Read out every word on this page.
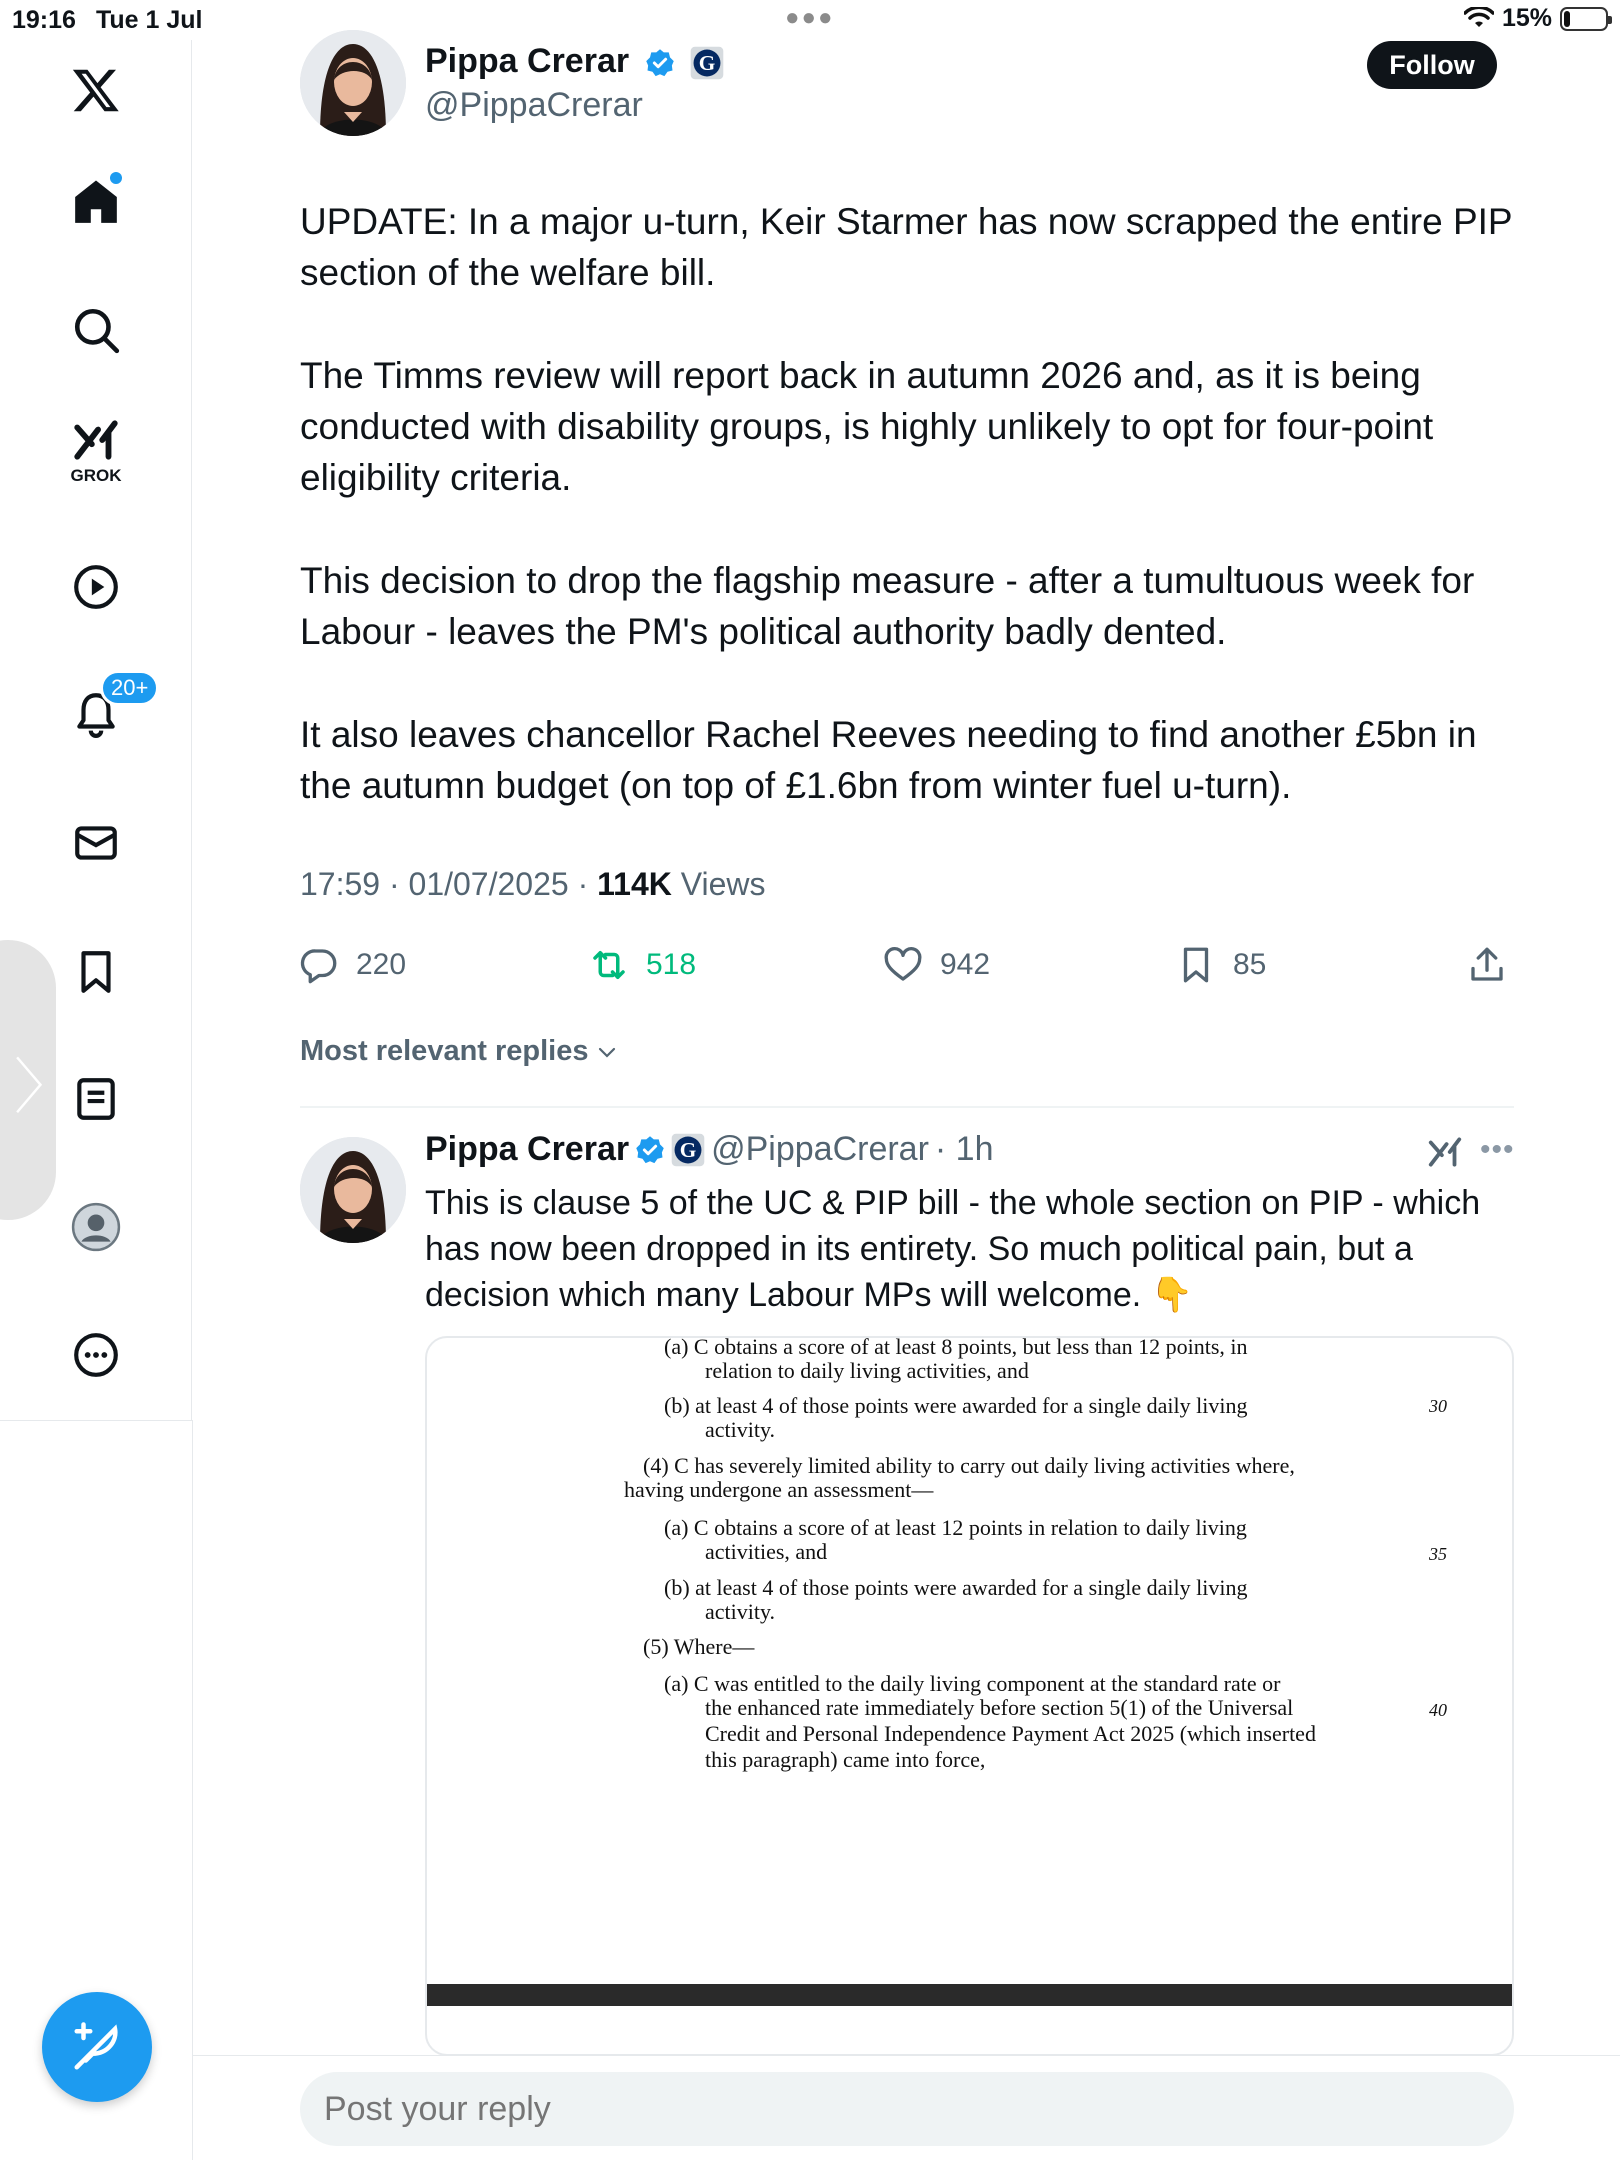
19:16 Tue 1 Jul	●●●	15%
GROK
20+
〉
Pippa Crerar	G
@PippaCrerar
Follow

UPDATE: In a major u-turn, Keir Starmer has now scrapped the entire PIP section of the welfare bill.

The Timms review will report back in autumn 2026 and, as it is being conducted with disability groups, is highly unlikely to opt for four-point eligibility criteria.

This decision to drop the flagship measure - after a tumultuous week for Labour - leaves the PM's political authority badly dented.

It also leaves chancellor Rachel Reeves needing to find another £5bn in the autumn budget (on top of £1.6bn from winter fuel u-turn).

17:59 · 01/07/2025 · 114K Views
220	518	942	85
Most relevant replies
Pippa Crerar	G @PippaCrerar · 1h	•••
This is clause 5 of the UC & PIP bill - the whole section on PIP - which has now been dropped in its entirety. So much political pain, but a decision which many Labour MPs will welcome. 👇
(a) C obtains a score of at least 8 points, but less than 12 points, in
relation to daily living activities, and
(b) at least 4 of those points were awarded for a single daily living
activity.
(4) C has severely limited ability to carry out daily living activities where,
having undergone an assessment—
(a) C obtains a score of at least 12 points in relation to daily living
activities, and
(b) at least 4 of those points were awarded for a single daily living
activity.
(5) Where—
(a) C was entitled to the daily living component at the standard rate or
the enhanced rate immediately before section 5(1) of the Universal
Credit and Personal Independence Payment Act 2025 (which inserted
this paragraph) came into force,
30
35
40
Post your reply
